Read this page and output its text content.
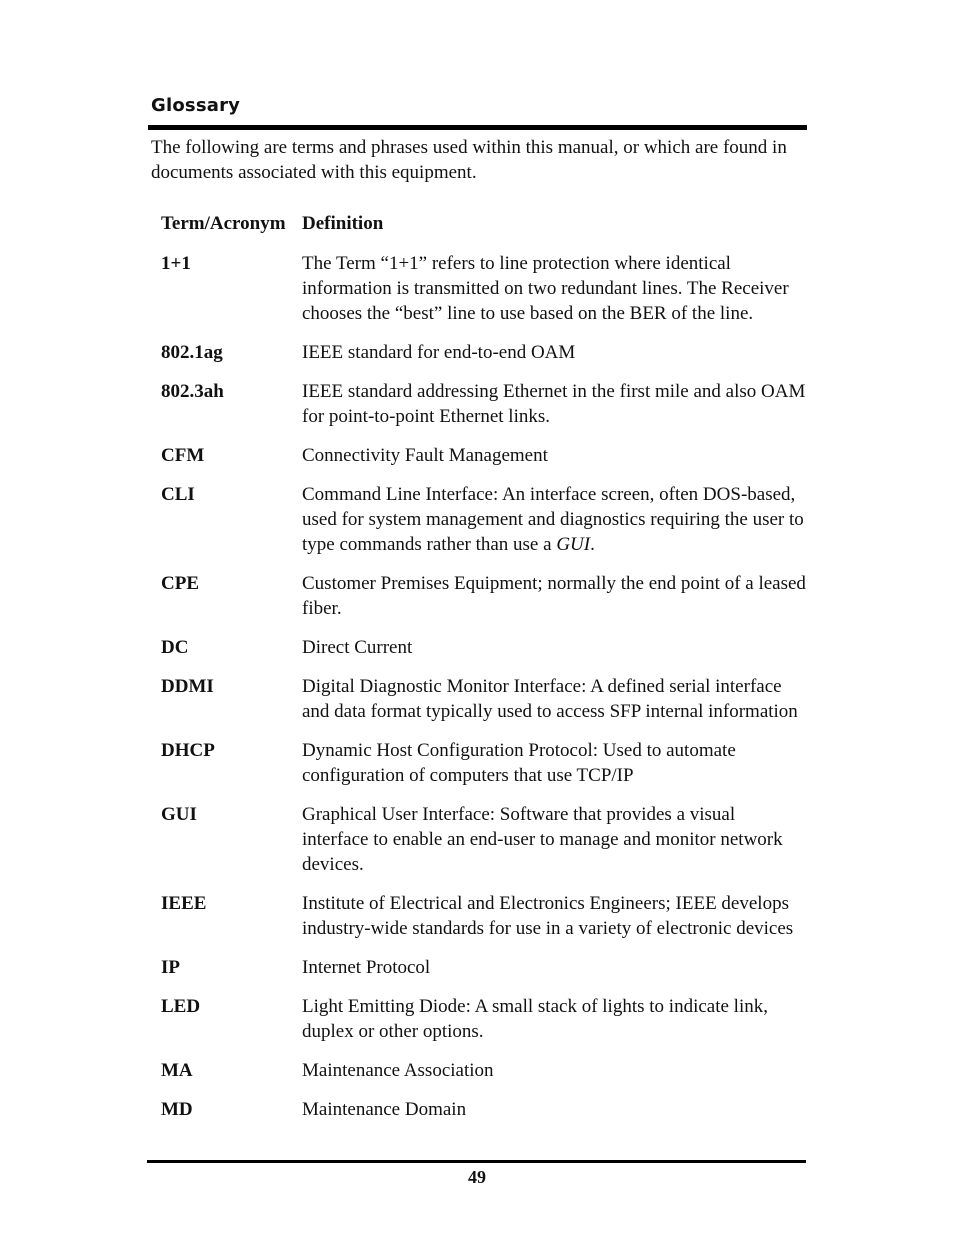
Glossary
The following are terms and phrases used within this manual, or which are found in documents associated with this equipment.
Term/Acronym Definition
1+1	The Term “1+1” refers to line protection where identical information is transmitted on two redundant lines. The Receiver chooses the “best” line to use based on the BER of the line.
802.1ag	IEEE standard for end-to-end OAM
802.3ah	IEEE standard addressing Ethernet in the first mile and also OAM for point-to-point Ethernet links.
CFM	Connectivity Fault Management
CLI	Command Line Interface: An interface screen, often DOS-based, used for system management and diagnostics requiring the user to type commands rather than use a GUI.
CPE	Customer Premises Equipment; normally the end point of a leased fiber.
DC	Direct Current
DDMI	Digital Diagnostic Monitor Interface: A defined serial interface and data format typically used to access SFP internal information
DHCP	Dynamic Host Configuration Protocol: Used to automate configuration of computers that use TCP/IP
GUI	Graphical User Interface: Software that provides a visual interface to enable an end-user to manage and monitor network devices.
IEEE	Institute of Electrical and Electronics Engineers; IEEE develops industry-wide standards for use in a variety of electronic devices
IP	Internet Protocol
LED	Light Emitting Diode: A small stack of lights to indicate link, duplex or other options.
MA	Maintenance Association
MD	Maintenance Domain
49
